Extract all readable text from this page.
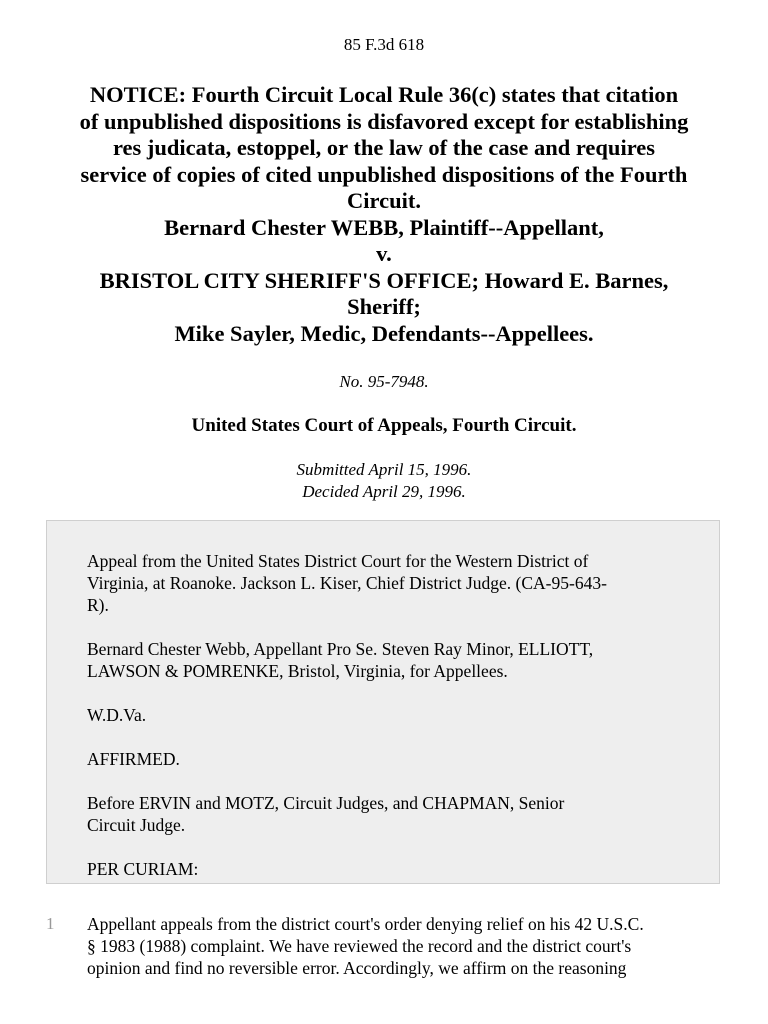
85 F.3d 618
NOTICE: Fourth Circuit Local Rule 36(c) states that citation
of unpublished dispositions is disfavored except for establishing
res judicata, estoppel, or the law of the case and requires
service of copies of cited unpublished dispositions of the Fourth
Circuit.
Bernard Chester WEBB, Plaintiff--Appellant,
v.
BRISTOL CITY SHERIFF'S OFFICE; Howard E. Barnes,
Sheriff;
Mike Sayler, Medic, Defendants--Appellees.
No. 95-7948.
United States Court of Appeals, Fourth Circuit.
Submitted April 15, 1996.
Decided April 29, 1996.

Appeal from the United States District Court for the Western District of
Virginia, at Roanoke. Jackson L. Kiser, Chief District Judge. (CA-95-643-
R).

Bernard Chester Webb, Appellant Pro Se. Steven Ray Minor, ELLIOTT,
LAWSON & POMRENKE, Bristol, Virginia, for Appellees.

W.D.Va.

AFFIRMED.

Before ERVIN and MOTZ, Circuit Judges, and CHAPMAN, Senior
Circuit Judge.

PER CURIAM:

1 Appellant appeals from the district court's order denying relief on his 42 U.S.C.
§ 1983 (1988) complaint. We have reviewed the record and the district court's
opinion and find no reversible error. Accordingly, we affirm on the reasoning
